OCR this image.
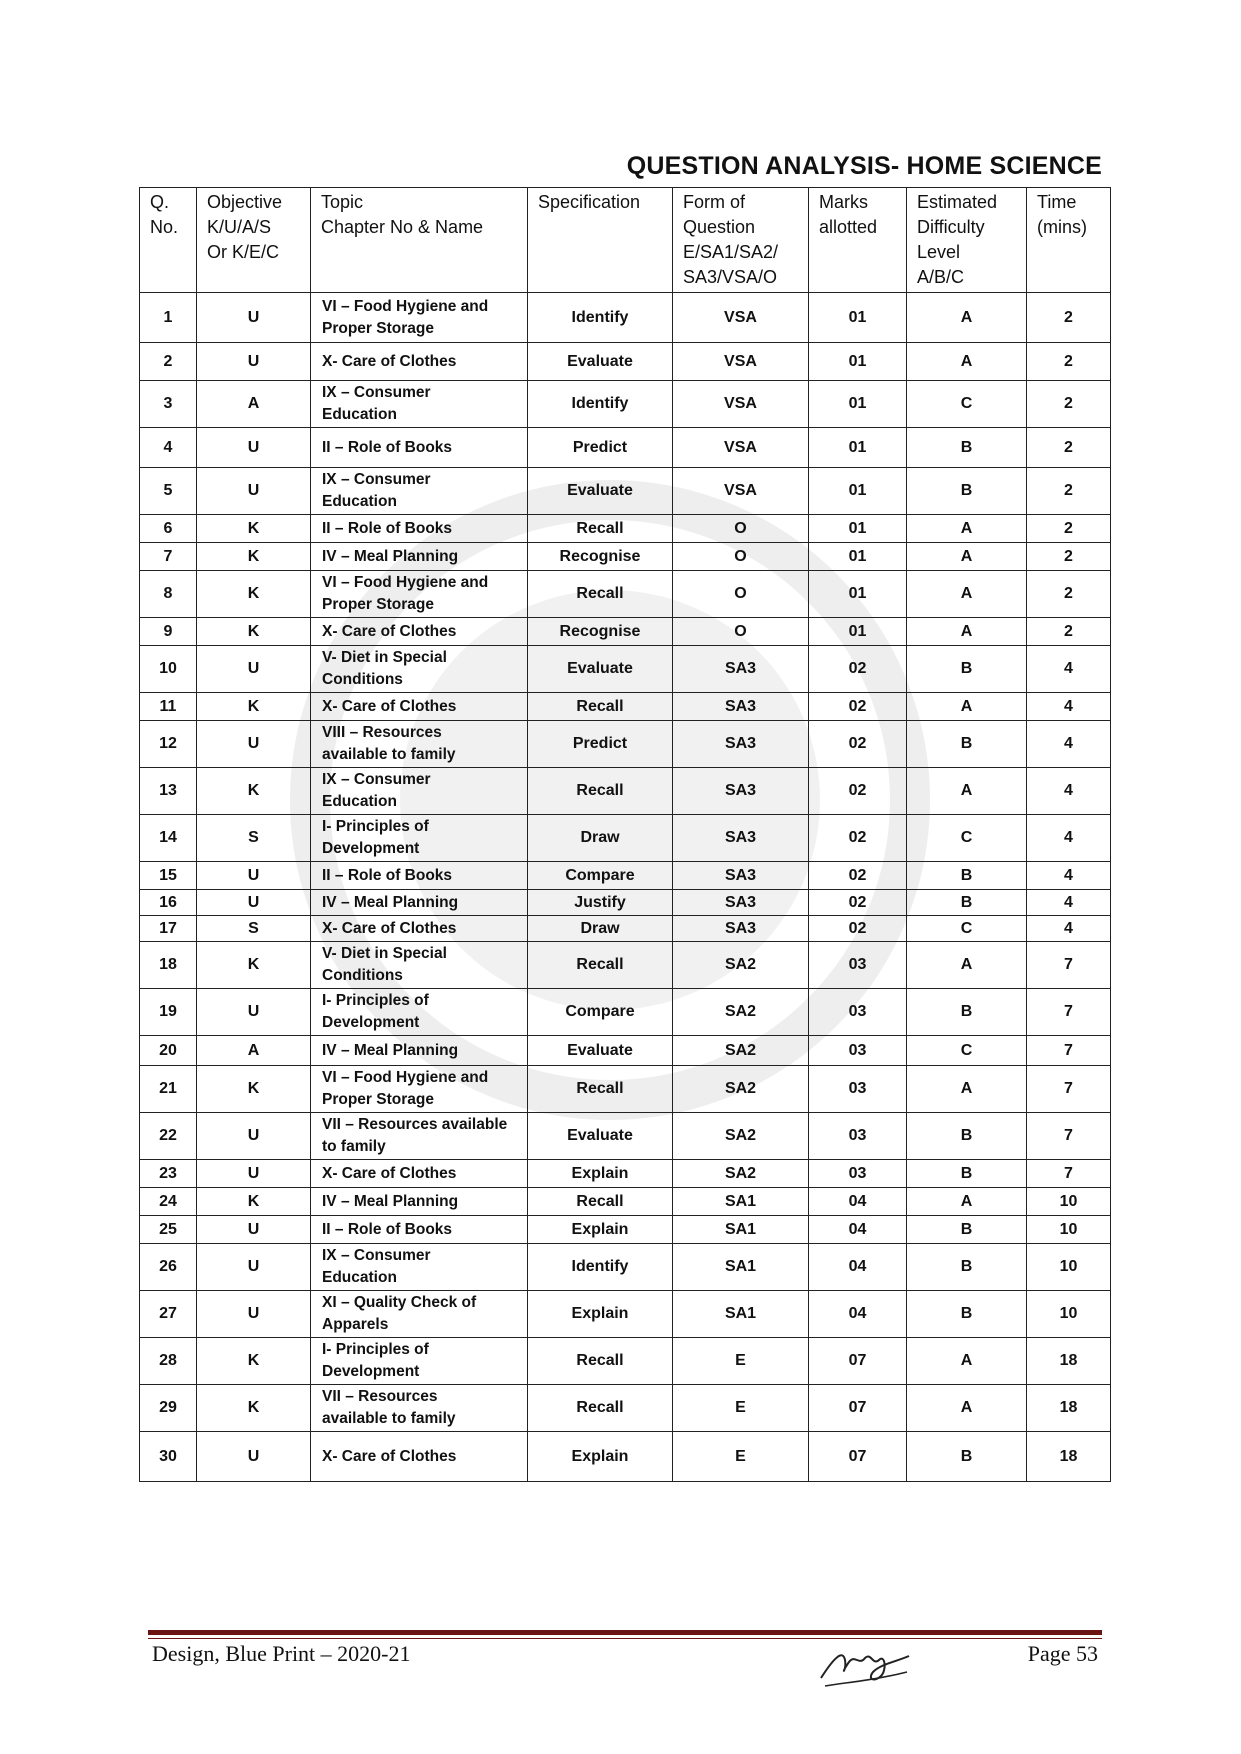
QUESTION ANALYSIS- HOME SCIENCE
Q.
No.	Objective
K/U/A/S
Or K/E/C	Topic
Chapter No & Name	Specification	Form of
Question
E/SA1/SA2/
SA3/VSA/O	Marks
allotted	Estimated
Difficulty
Level
A/B/C	Time
(mins)
1	U	VI – Food Hygiene and
Proper Storage	Identify	VSA	01	A	2
2	U	X- Care of Clothes	Evaluate	VSA	01	A	2
3	A	IX – Consumer
Education	Identify	VSA	01	C	2
4	U	II – Role of Books	Predict	VSA	01	B	2
5	U	IX – Consumer
Education	Evaluate	VSA	01	B	2
6	K	II – Role of Books	Recall	O	01	A	2
7	K	IV – Meal Planning	Recognise	O	01	A	2
8	K	VI – Food Hygiene and
Proper Storage	Recall	O	01	A	2
9	K	X- Care of Clothes	Recognise	O	01	A	2
10	U	V- Diet in Special
Conditions	Evaluate	SA3	02	B	4
11	K	X- Care of Clothes	Recall	SA3	02	A	4
12	U	VIII – Resources
available to family	Predict	SA3	02	B	4
13	K	IX – Consumer
Education	Recall	SA3	02	A	4
14	S	I- Principles of
Development	Draw	SA3	02	C	4
15	U	II – Role of Books	Compare	SA3	02	B	4
16	U	IV – Meal Planning	Justify	SA3	02	B	4
17	S	X- Care of Clothes	Draw	SA3	02	C	4
18	K	V- Diet in Special
Conditions	Recall	SA2	03	A	7
19	U	I- Principles of
Development	Compare	SA2	03	B	7
20	A	IV – Meal Planning	Evaluate	SA2	03	C	7
21	K	VI – Food Hygiene and
Proper Storage	Recall	SA2	03	A	7
22	U	VII – Resources available
to family	Evaluate	SA2	03	B	7
23	U	X- Care of Clothes	Explain	SA2	03	B	7
24	K	IV – Meal Planning	Recall	SA1	04	A	10
25	U	II – Role of Books	Explain	SA1	04	B	10
26	U	IX – Consumer
Education	Identify	SA1	04	B	10
27	U	XI – Quality Check of
Apparels	Explain	SA1	04	B	10
28	K	I- Principles of
Development	Recall	E	07	A	18
29	K	VII – Resources
available to family	Recall	E	07	A	18
30	U	X- Care of Clothes	Explain	E	07	B	18
Design, Blue Print – 2020-21	Page 53
